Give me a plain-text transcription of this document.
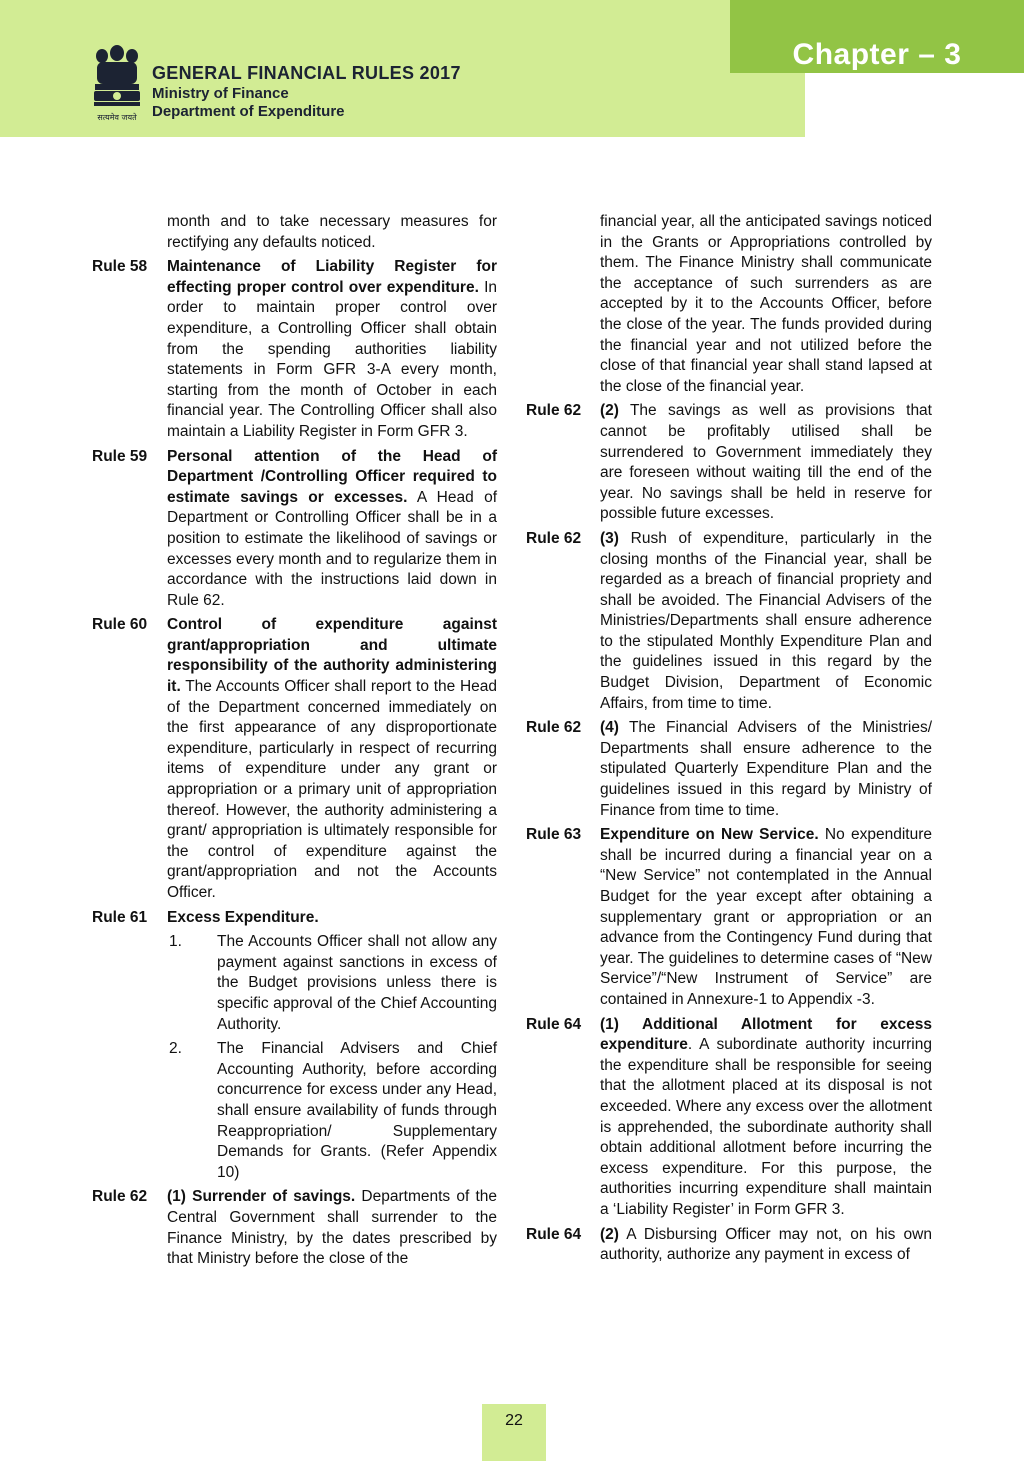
Chapter – 3
सत्यमेव जयते
GENERAL FINANCIAL RULES 2017
Ministry of Finance
Department of Expenditure
month and to take necessary measures for rectifying any defaults noticed.
Rule 58	Maintenance of Liability Register for effecting proper control over expenditure. In order to maintain proper control over expenditure, a Controlling Officer shall obtain from the spending authorities liability statements in Form GFR 3-A every month, starting from the month of October in each financial year. The Controlling Officer shall also maintain a Liability Register in Form GFR 3.
Rule 59	Personal attention of the Head of Department /Controlling Officer required to estimate savings or excesses. A Head of Department or Controlling Officer shall be in a position to estimate the likelihood of savings or excesses every month and to regularize them in accordance with the instructions laid down in Rule 62.
Rule 60	Control of expenditure against grant/appropriation and ultimate responsibility of the authority administering it. The Accounts Officer shall report to the Head of the Department concerned immediately on the first appearance of any disproportionate expenditure, particularly in respect of recurring items of expenditure under any grant or appropriation or a primary unit of appropriation thereof. However, the authority administering a grant/ appropriation is ultimately responsible for the control of expenditure against the grant/appropriation and not the Accounts Officer.
Rule 61	Excess Expenditure.
1.	The Accounts Officer shall not allow any payment against sanctions in excess of the Budget provisions unless there is specific approval of the Chief Accounting Authority.
2.	The Financial Advisers and Chief Accounting Authority, before according concurrence for excess under any Head, shall ensure availability of funds through Reappropriation/ Supplementary Demands for Grants. (Refer Appendix 10)
Rule 62	(1) Surrender of savings. Departments of the Central Government shall surrender to the Finance Ministry, by the dates prescribed by that Ministry before the close of the
financial year, all the anticipated savings noticed in the Grants or Appropriations controlled by them. The Finance Ministry shall communicate the acceptance of such surrenders as are accepted by it to the Accounts Officer, before the close of the year. The funds provided during the financial year and not utilized before the close of that financial year shall stand lapsed at the close of the financial year.
Rule 62	(2) The savings as well as provisions that cannot be profitably utilised shall be surrendered to Government immediately they are foreseen without waiting till the end of the year. No savings shall be held in reserve for possible future excesses.
Rule 62	(3) Rush of expenditure, particularly in the closing months of the Financial year, shall be regarded as a breach of financial propriety and shall be avoided. The Financial Advisers of the Ministries/Departments shall ensure adherence to the stipulated Monthly Expenditure Plan and the guidelines issued in this regard by the Budget Division, Department of Economic Affairs, from time to time.
Rule 62	(4) The Financial Advisers of the Ministries/ Departments shall ensure adherence to the stipulated Quarterly Expenditure Plan and the guidelines issued in this regard by Ministry of Finance from time to time.
Rule 63	Expenditure on New Service. No expenditure shall be incurred during a financial year on a “New Service” not contemplated in the Annual Budget for the year except after obtaining a supplementary grant or appropriation or an advance from the Contingency Fund during that year. The guidelines to determine cases of “New Service”/“New Instrument of Service” are contained in Annexure-1 to Appendix -3.
Rule 64	(1) Additional Allotment for excess expenditure. A subordinate authority incurring the expenditure shall be responsible for seeing that the allotment placed at its disposal is not exceeded. Where any excess over the allotment is apprehended, the subordinate authority shall obtain additional allotment before incurring the excess expenditure. For this purpose, the authorities incurring expenditure shall maintain a ‘Liability Register’ in Form GFR 3.
Rule 64	(2) A Disbursing Officer may not, on his own authority, authorize any payment in excess of
22
